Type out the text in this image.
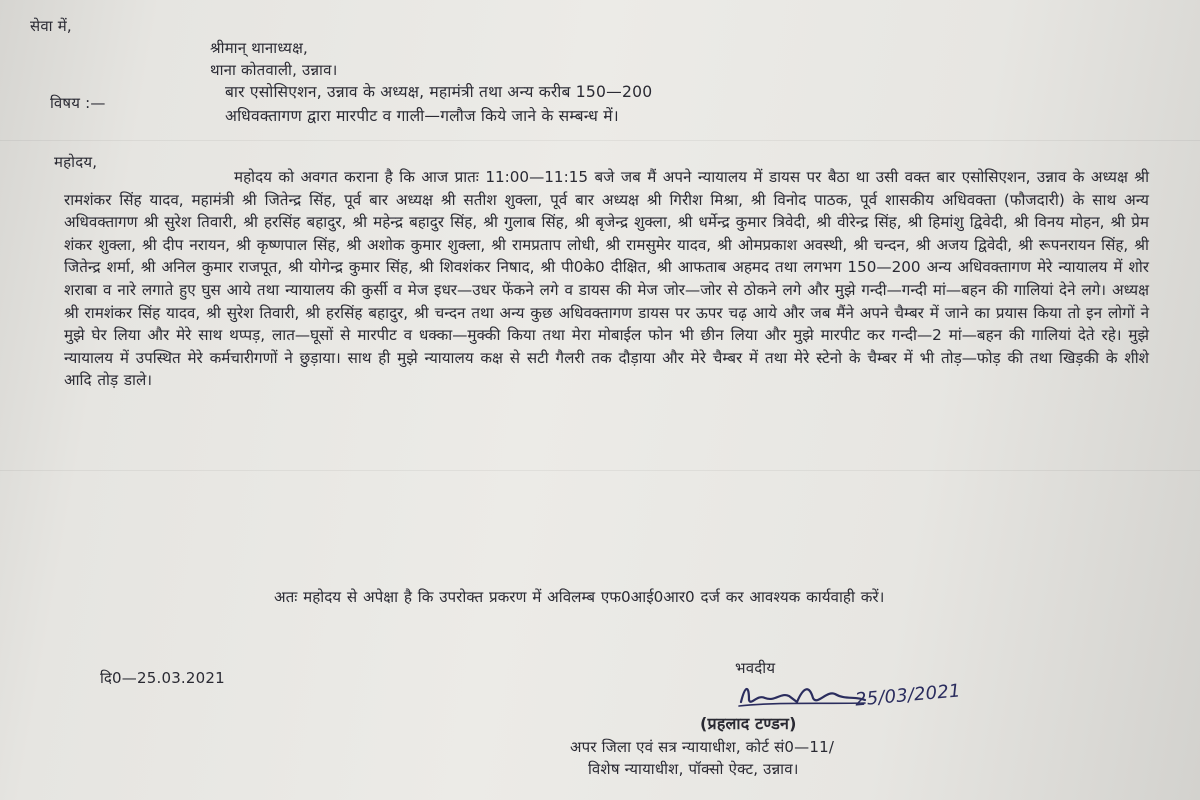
सेवा में,
श्रीमान् थानाध्यक्ष,
थाना कोतवाली, उन्नाव।
विषय :—
बार एसोसिएशन, उन्नाव के अध्यक्ष, महामंत्री तथा अन्य करीब 150—200
अधिवक्तागण द्वारा मारपीट व गाली—गलौज किये जाने के सम्बन्ध में।
महोदय,
महोदय को अवगत कराना है कि आज प्रातः 11:00—11:15 बजे जब मैं अपने न्यायालय में डायस पर बैठा था उसी वक्त बार एसोसिएशन, उन्नाव के अध्यक्ष श्री रामशंकर सिंह यादव, महामंत्री श्री जितेन्द्र सिंह, पूर्व बार अध्यक्ष श्री सतीश शुक्ला, पूर्व बार अध्यक्ष श्री गिरीश मिश्रा, श्री विनोद पाठक, पूर्व शासकीय अधिवक्ता (फौजदारी) के साथ अन्य अधिवक्तागण श्री सुरेश तिवारी, श्री हरसिंह बहादुर, श्री महेन्द्र बहादुर सिंह, श्री गुलाब सिंह, श्री बृजेन्द्र शुक्ला, श्री धर्मेन्द्र कुमार त्रिवेदी, श्री वीरेन्द्र सिंह, श्री हिमांशु द्विवेदी, श्री विनय मोहन, श्री प्रेम शंकर शुक्ला, श्री दीप नरायन, श्री कृष्णपाल सिंह, श्री अशोक कुमार शुक्ला, श्री रामप्रताप लोधी, श्री रामसुमेर यादव, श्री ओमप्रकाश अवस्थी, श्री चन्दन, श्री अजय द्विवेदी, श्री रूपनरायन सिंह, श्री जितेन्द्र शर्मा, श्री अनिल कुमार राजपूत, श्री योगेन्द्र कुमार सिंह, श्री शिवशंकर निषाद, श्री पी0के0 दीक्षित, श्री आफताब अहमद तथा लगभग 150—200 अन्य अधिवक्तागण मेरे न्यायालय में शोर शराबा व नारे लगाते हुए घुस आये तथा न्यायालय की कुर्सी व मेज इधर—उधर फेंकने लगे व डायस की मेज जोर—जोर से ठोकने लगे और मुझे गन्दी—गन्दी मां—बहन की गालियां देने लगे। अध्यक्ष श्री रामशंकर सिंह यादव, श्री सुरेश तिवारी, श्री हरसिंह बहादुर, श्री चन्दन तथा अन्य कुछ अधिवक्तागण डायस पर ऊपर चढ़ आये और जब मैंने अपने चैम्बर में जाने का प्रयास किया तो इन लोगों ने मुझे घेर लिया और मेरे साथ थप्पड़, लात—घूसों से मारपीट व धक्का—मुक्की किया तथा मेरा मोबाईल फोन भी छीन लिया और मुझे मारपीट कर गन्दी—2 मां—बहन की गालियां देते रहे। मुझे न्यायालय में उपस्थित मेरे कर्मचारीगणों ने छुड़ाया। साथ ही मुझे न्यायालय कक्ष से सटी गैलरी तक दौड़ाया और मेरे चैम्बर में तथा मेरे स्टेनो के चैम्बर में भी तोड़—फोड़ की तथा खिड़की के शीशे आदि तोड़ डाले।
अतः महोदय से अपेक्षा है कि उपरोक्त प्रकरण में अविलम्ब एफ0आई0आर0 दर्ज कर आवश्यक कार्यवाही करें।
दि0—25.03.2021
भवदीय
25/03/2021
(प्रहलाद टण्डन)
अपर जिला एवं सत्र न्यायाधीश, कोर्ट सं0—11/
विशेष न्यायाधीश, पॉक्सो ऐक्ट, उन्नाव।
